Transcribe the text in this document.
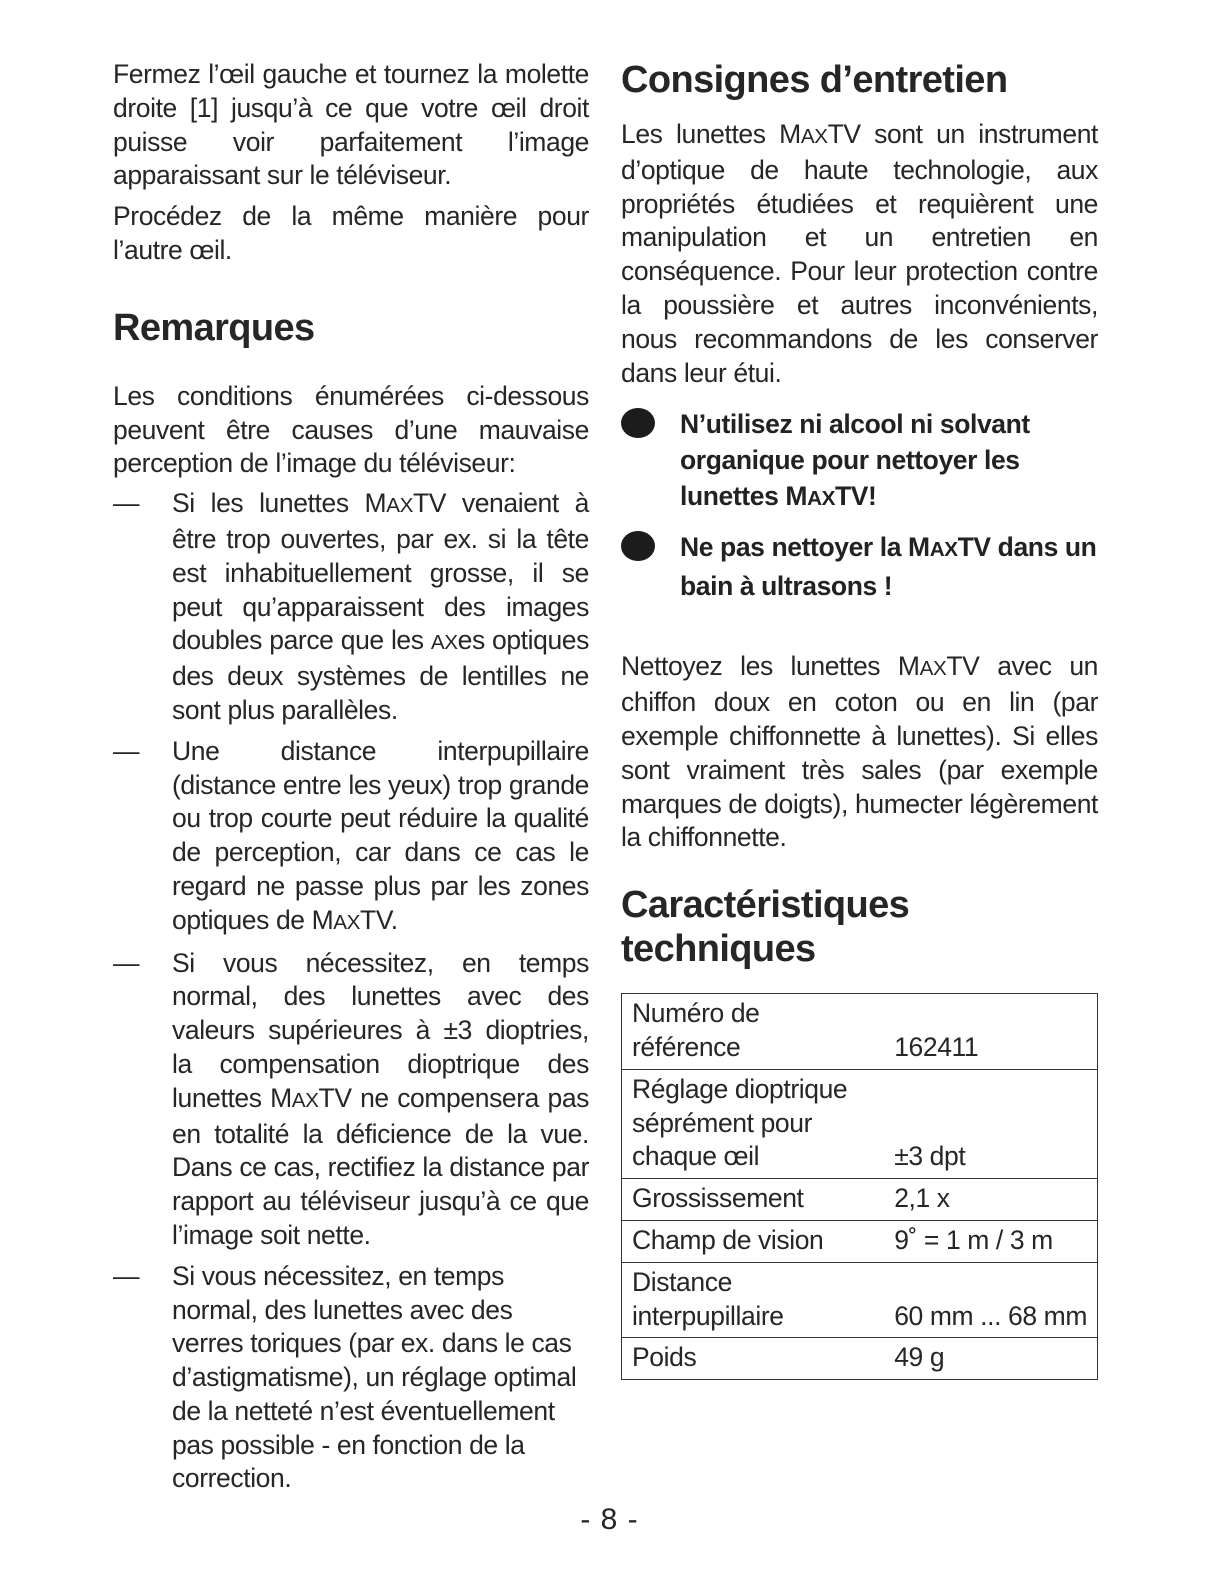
Fermez l’œil gauche et tournez la molette droite [1] jusqu’à ce que votre œil droit puisse voir parfaitement l’image apparaissant sur le téléviseur.

Procédez de la même manière pour l’autre œil.

Remarques

Les conditions énumérées ci-dessous peuvent être causes d’une mauvaise perception de l’image du téléviseur:

— Si les lunettes MAXTV venaient à être trop ouvertes, par ex. si la tête est inhabituellement grosse, il se peut qu’apparaissent des images doubles parce que les AXes optiques des deux systèmes de lentilles ne sont plus parallèles.
— Une distance interpupillaire (distance entre les yeux) trop grande ou trop courte peut réduire la qualité de perception, car dans ce cas le regard ne passe plus par les zones optiques de MAXTV.
— Si vous nécessitez, en temps normal, des lunettes avec des valeurs supérieures à ±3 dioptries, la compensation dioptrique des lunettes MAXTV ne compensera pas en totalité la déficience de la vue. Dans ce cas, rectifiez la distance par rapport au téléviseur jusqu’à ce que l’image soit nette.
— Si vous nécessitez, en temps normal, des lunettes avec des verres toriques (par ex. dans le cas d’astigmatisme), un réglage optimal de la netteté n’est éventuellement pas possible - en fonction de la correction.
Consignes d’entretien

Les lunettes MAXTV sont un instrument d’optique de haute technologie, aux propriétés étudiées et requièrent une manipulation et un entretien en conséquence. Pour leur protection contre la poussière et autres inconvénients, nous recommandons de les conserver dans leur étui.

N’utilisez ni alcool ni solvant organique pour nettoyer les lunettes MAXTV!
Ne pas nettoyer la MAXTV dans un bain à ultrasons !

Nettoyez les lunettes MAXTV avec un chiffon doux en coton ou en lin (par exemple chiffonnette à lunettes). Si elles sont vraiment très sales (par exemple marques de doigts), humecter légèrement la chiffonnette.

Caractéristiques techniques
Numéro de référence	162411
Réglage dioptrique séprément pour chaque œil	±3 dpt
Grossissement	2,1 x
Champ de vision	9˚ = 1 m / 3 m
Distance interpupillaire	60 mm ... 68 mm
Poids	49 g
- 8 -
